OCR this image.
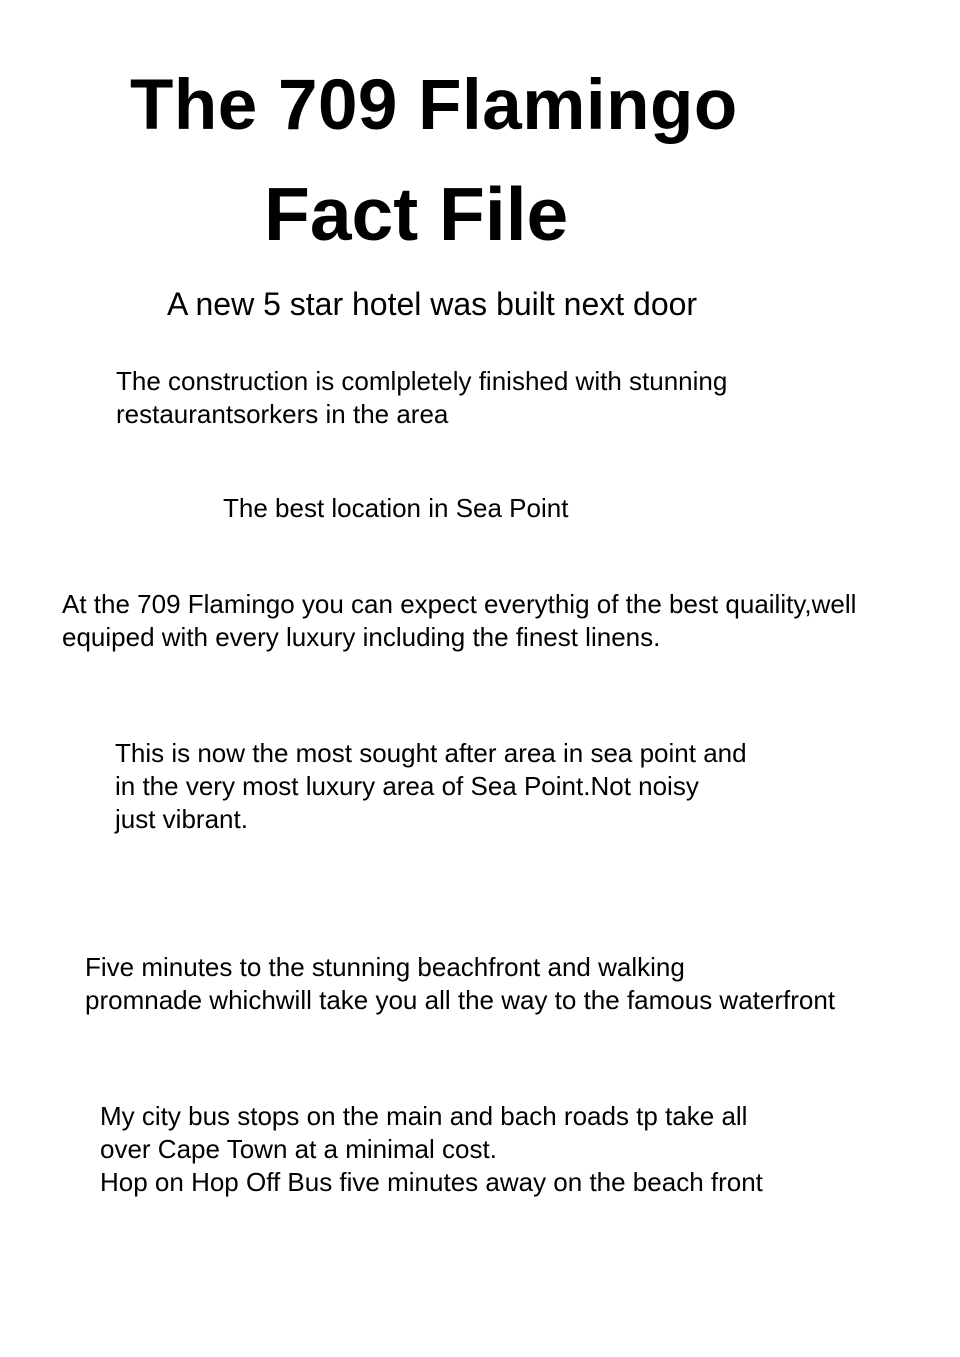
The 709 Flamingo
Fact File
A new 5 star hotel was built next door
The construction is comlpletely finished with stunning
restaurantsorkers in the area
The best location in Sea Point
At the 709 Flamingo you can expect everythig of the best quaility,well
equiped with every luxury including the finest linens.
This is now the most sought after area in sea point and
in the very most luxury area of Sea Point.Not noisy
just vibrant.
Five minutes to the stunning beachfront and walking
promnade whichwill take you all the way to the famous waterfront
My city bus stops on the main and bach roads tp take all
over Cape Town at a minimal cost.
Hop on Hop Off Bus five minutes away on the beach front
